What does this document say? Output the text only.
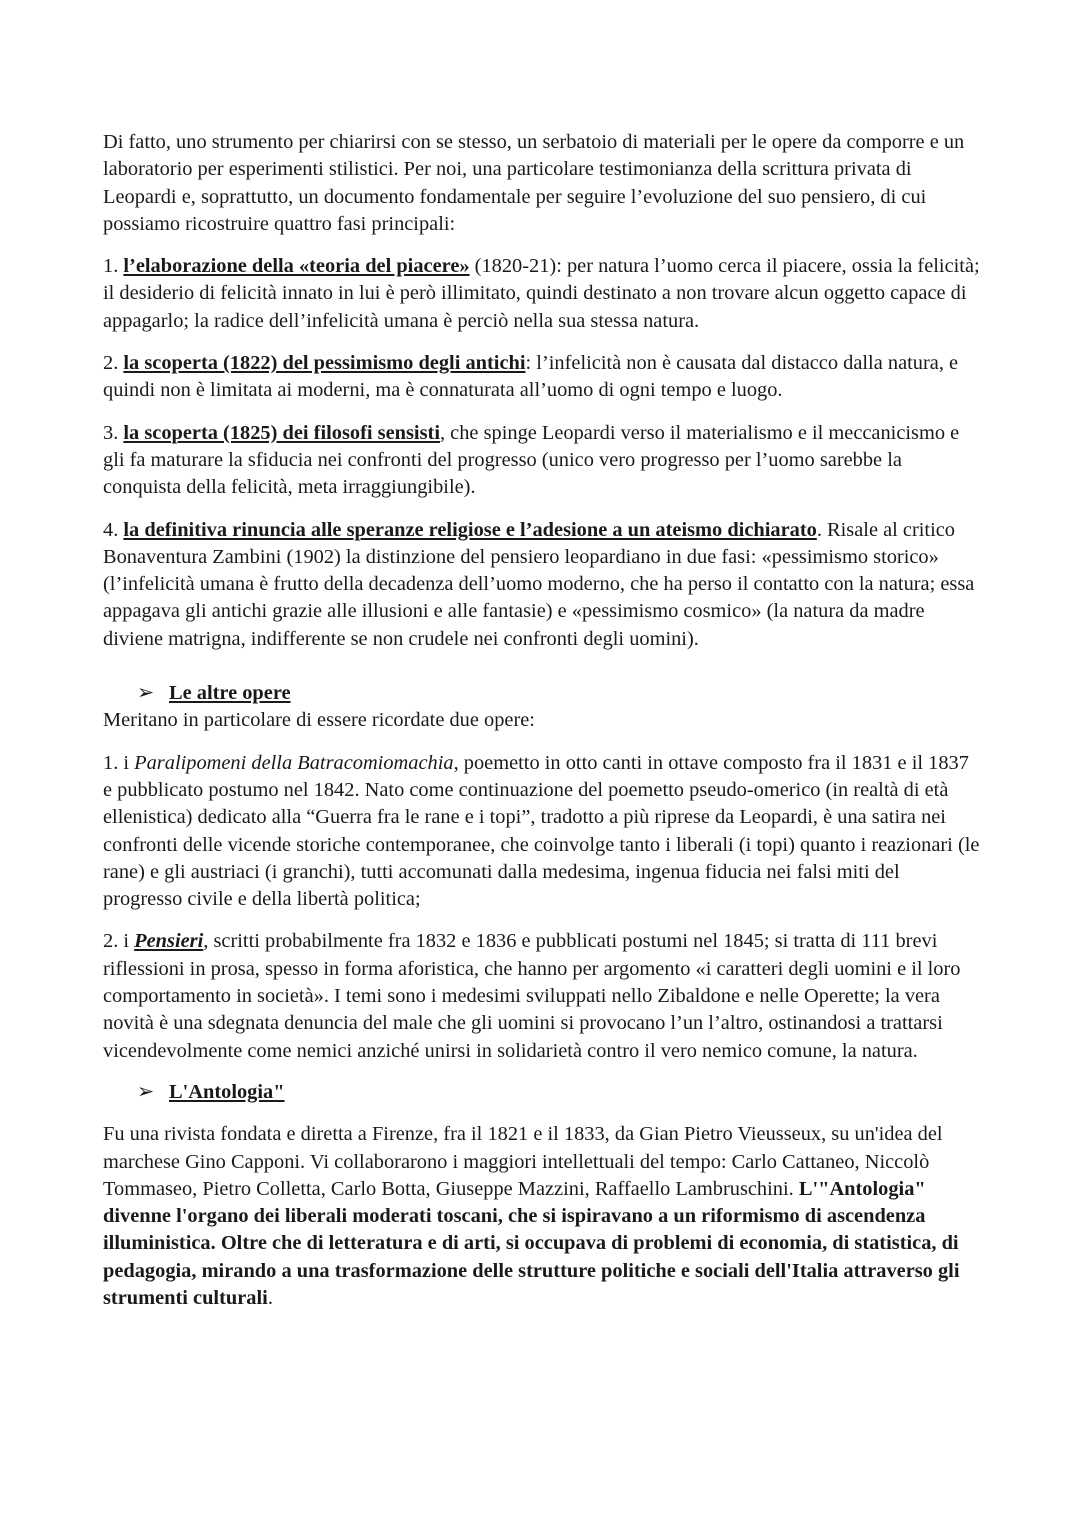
Di fatto, uno strumento per chiarirsi con se stesso, un serbatoio di materiali per le opere da comporre e un laboratorio per esperimenti stilistici. Per noi, una particolare testimonianza della scrittura privata di Leopardi e, soprattutto, un documento fondamentale per seguire l’evoluzione del suo pensiero, di cui possiamo ricostruire quattro fasi principali:

1. l’elaborazione della «teoria del piacere» (1820-21): per natura l’uomo cerca il piacere, ossia la felicità; il desiderio di felicità innato in lui è però illimitato, quindi destinato a non trovare alcun oggetto capace di appagarlo; la radice dell’infelicità umana è perciò nella sua stessa natura.

2. la scoperta (1822) del pessimismo degli antichi: l’infelicità non è causata dal distacco dalla natura, e quindi non è limitata ai moderni, ma è connaturata all’uomo di ogni tempo e luogo.

3. la scoperta (1825) dei filosofi sensisti, che spinge Leopardi verso il materialismo e il meccanicismo e gli fa maturare la sfiducia nei confronti del progresso (unico vero progresso per l’uomo sarebbe la conquista della felicità, meta irraggiungibile).

4. la definitiva rinuncia alle speranze religiose e l’adesione a un ateismo dichiarato. Risale al critico Bonaventura Zambini (1902) la distinzione del pensiero leopardiano in due fasi: «pessimismo storico» (l’infelicità umana è frutto della decadenza dell’uomo moderno, che ha perso il contatto con la natura; essa appagava gli antichi grazie alle illusioni e alle fantasie) e «pessimismo cosmico» (la natura da madre diviene matrigna, indifferente se non crudele nei confronti degli uomini).

➢ Le altre opere

Meritano in particolare di essere ricordate due opere:

1. i Paralipomeni della Batracomiomachia, poemetto in otto canti in ottave composto fra il 1831 e il 1837 e pubblicato postumo nel 1842. Nato come continuazione del poemetto pseudo-omerico (in realtà di età ellenistica) dedicato alla “Guerra fra le rane e i topi”, tradotto a più riprese da Leopardi, è una satira nei confronti delle vicende storiche contemporanee, che coinvolge tanto i liberali (i topi) quanto i reazionari (le rane) e gli austriaci (i granchi), tutti accomunati dalla medesima, ingenua fiducia nei falsi miti del progresso civile e della libertà politica;

2. i Pensieri, scritti probabilmente fra 1832 e 1836 e pubblicati postumi nel 1845; si tratta di 111 brevi riflessioni in prosa, spesso in forma aforistica, che hanno per argomento «i caratteri degli uomini e il loro comportamento in società». I temi sono i medesimi sviluppati nello Zibaldone e nelle Operette; la vera novità è una sdegnata denuncia del male che gli uomini si provocano l’un l’altro, ostinandosi a trattarsi vicendevolmente come nemici anziché unirsi in solidarietà contro il vero nemico comune, la natura.

➢ L'Antologia"

Fu una rivista fondata e diretta a Firenze, fra il 1821 e il 1833, da Gian Pietro Vieusseux, su un'idea del marchese Gino Capponi. Vi collaborarono i maggiori intellettuali del tempo: Carlo Cattaneo, Niccolò Tommaseo, Pietro Colletta, Carlo Botta, Giuseppe Mazzini, Raffaello Lambruschini. L'"Antologia" divenne l'organo dei liberali moderati toscani, che si ispiravano a un riformismo di ascendenza illuministica. Oltre che di letteratura e di arti, si occupava di problemi di economia, di statistica, di pedagogia, mirando a una trasformazione delle strutture politiche e sociali dell'Italia attraverso gli strumenti culturali.
